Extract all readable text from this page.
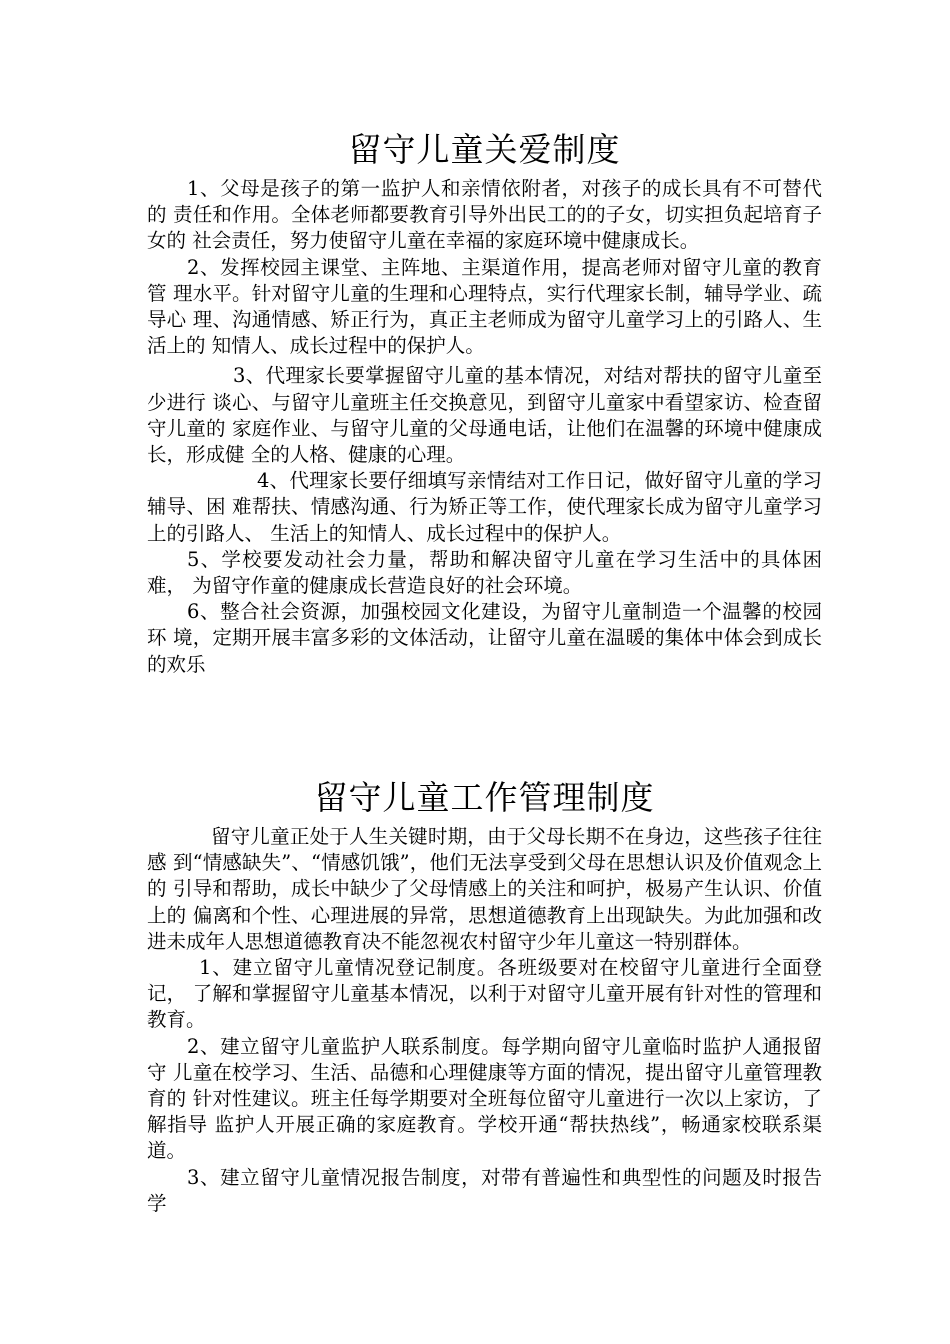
留守儿童关爱制度

1、父母是孩子的第一监护人和亲情依附者，对孩子的成长具有不可替代的 责任和作用。全体老师都要教育引导外出民工的的子女，切实担负起培育子女的 社会责任，努力使留守儿童在幸福的家庭环境中健康成长。

2、发挥校园主课堂、主阵地、主渠道作用，提高老师对留守儿童的教育管 理水平。针对留守儿童的生理和心理特点，实行代理家长制，辅导学业、疏导心 理、沟通情感、矫正行为，真正主老师成为留守儿童学习上的引路人、生活上的 知情人、成长过程中的保护人。

3、代理家长要掌握留守儿童的基本情况，对结对帮扶的留守儿童至少进行 谈心、与留守儿童班主任交换意见，到留守儿童家中看望家访、检查留守儿童的 家庭作业、与留守儿童的父母通电话，让他们在温馨的环境中健康成长，形成健 全的人格、健康的心理。

4、代理家长要仔细填写亲情结对工作日记，做好留守儿童的学习辅导、困 难帮扶、情感沟通、行为矫正等工作，使代理家长成为留守儿童学习上的引路人、 生活上的知情人、成长过程中的保护人。

5、学校要发动社会力量，帮助和解决留守儿童在学习生活中的具体困难， 为留守作童的健康成长营造良好的社会环境。

6、整合社会资源，加强校园文化建设，为留守儿童制造一个温馨的校园环 境，定期开展丰富多彩的文体活动，让留守儿童在温暖的集体中体会到成长的欢乐

留守儿童工作管理制度

留守儿童正处于人生关键时期，由于父母长期不在身边，这些孩子往往感 到“情感缺失”、“情感饥饿”，他们无法享受到父母在思想认识及价值观念上的 引导和帮助，成长中缺少了父母情感上的关注和呵护，极易产生认识、价值上的 偏离和个性、心理进展的异常，思想道德教育上出现缺失。为此加强和改进未成年人思想道德教育决不能忽视农村留守少年儿童这一特别群体。

1、建立留守儿童情况登记制度。各班级要对在校留守儿童进行全面登记， 了解和掌握留守儿童基本情况，以利于对留守儿童开展有针对性的管理和教育。

2、建立留守儿童监护人联系制度。每学期向留守儿童临时监护人通报留守 儿童在校学习、生活、品德和心理健康等方面的情况，提出留守儿童管理教育的 针对性建议。班主任每学期要对全班每位留守儿童进行一次以上家访，了解指导 监护人开展正确的家庭教育。学校开通“帮扶热线”，畅通家校联系渠道。

3、建立留守儿童情况报告制度，对带有普遍性和典型性的问题及时报告学
